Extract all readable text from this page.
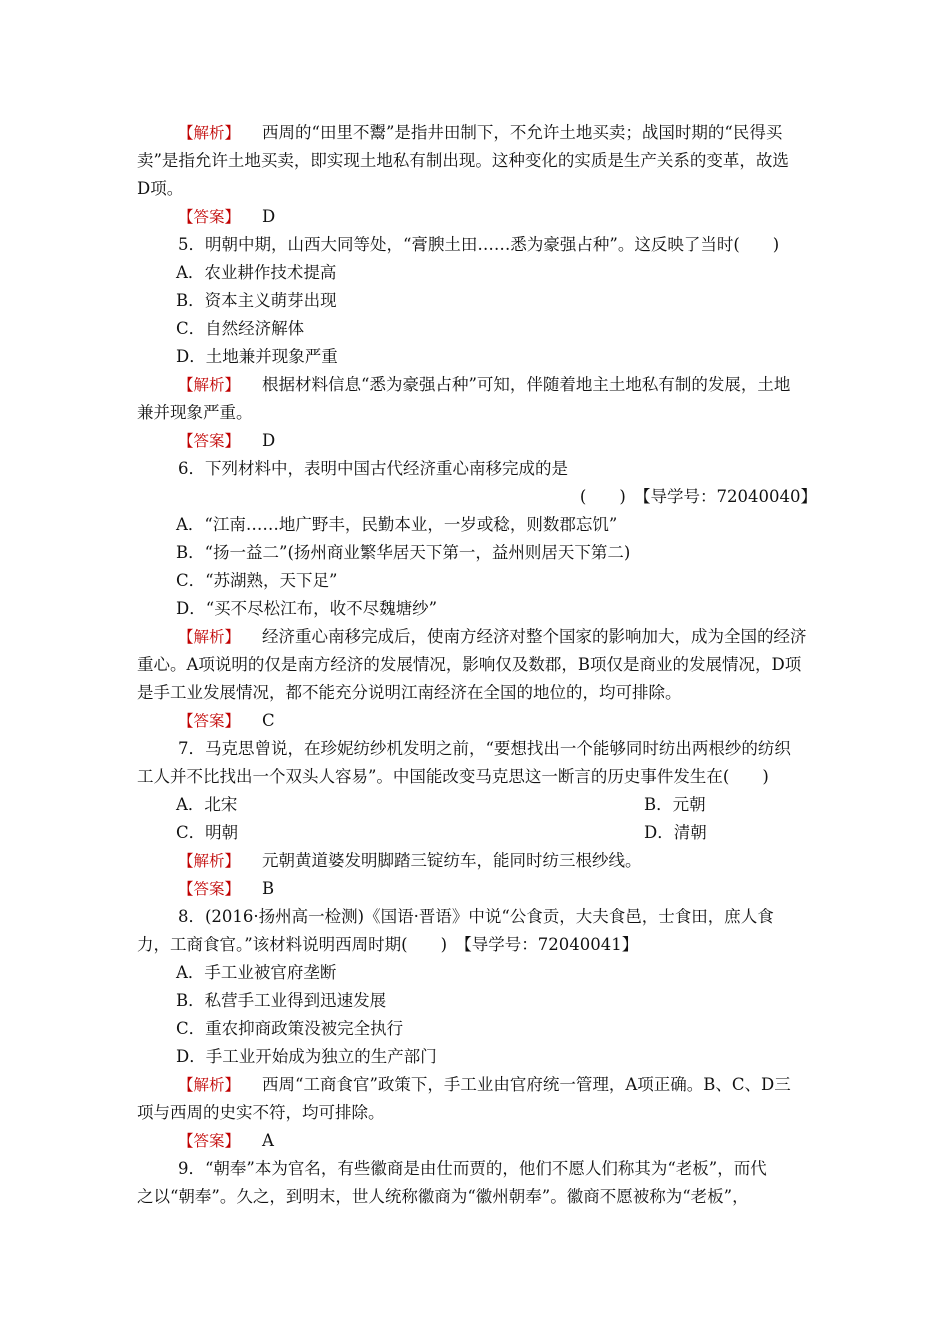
【解析】 西周的“田里不鬻”是指井田制下，不允许土地买卖；战国时期的“民得买
卖”是指允许土地买卖，即实现土地私有制出现。这种变化的实质是生产关系的变革，故选
D项。
【答案】 D
5．明朝中期，山西大同等处，“膏腴土田……悉为豪强占种”。这反映了当时(　　)
A．农业耕作技术提高
B．资本主义萌芽出现
C．自然经济解体
D．土地兼并现象严重
【解析】 根据材料信息“悉为豪强占种”可知，伴随着地主土地私有制的发展，土地
兼并现象严重。
【答案】 D
6．下列材料中，表明中国古代经济重心南移完成的是
(　　)　【导学号：72040040】
A．“江南……地广野丰，民勤本业，一岁或稔，则数郡忘饥”
B．“扬一益二”(扬州商业繁华居天下第一，益州则居天下第二)
C．“苏湖熟，天下足”
D．“买不尽松江布，收不尽魏塘纱”
【解析】 经济重心南移完成后，使南方经济对整个国家的影响加大，成为全国的经济
重心。A项说明的仅是南方经济的发展情况，影响仅及数郡，B项仅是商业的发展情况，D项
是手工业发展情况，都不能充分说明江南经济在全国的地位的，均可排除。
【答案】 C
7．马克思曾说，在珍妮纺纱机发明之前，“要想找出一个能够同时纺出两根纱的纺织
工人并不比找出一个双头人容易”。中国能改变马克思这一断言的历史事件发生在(　　)
A．北宋	B．元朝
C．明朝	D．清朝
【解析】 元朝黄道婆发明脚踏三锭纺车，能同时纺三根纱线。
【答案】 B
8．(2016·扬州高一检测)《国语·晋语》中说“公食贡，大夫食邑，士食田，庶人食
力，工商食官。”该材料说明西周时期(　　)　【导学号：72040041】
A．手工业被官府垄断
B．私营手工业得到迅速发展
C．重农抑商政策没被完全执行
D．手工业开始成为独立的生产部门
【解析】 西周“工商食官”政策下，手工业由官府统一管理，A项正确。B、C、D三
项与西周的史实不符，均可排除。
【答案】 A
9．“朝奉”本为官名，有些徽商是由仕而贾的，他们不愿人们称其为“老板”，而代
之以“朝奉”。久之，到明末，世人统称徽商为“徽州朝奉”。徽商不愿被称为“老板”，
